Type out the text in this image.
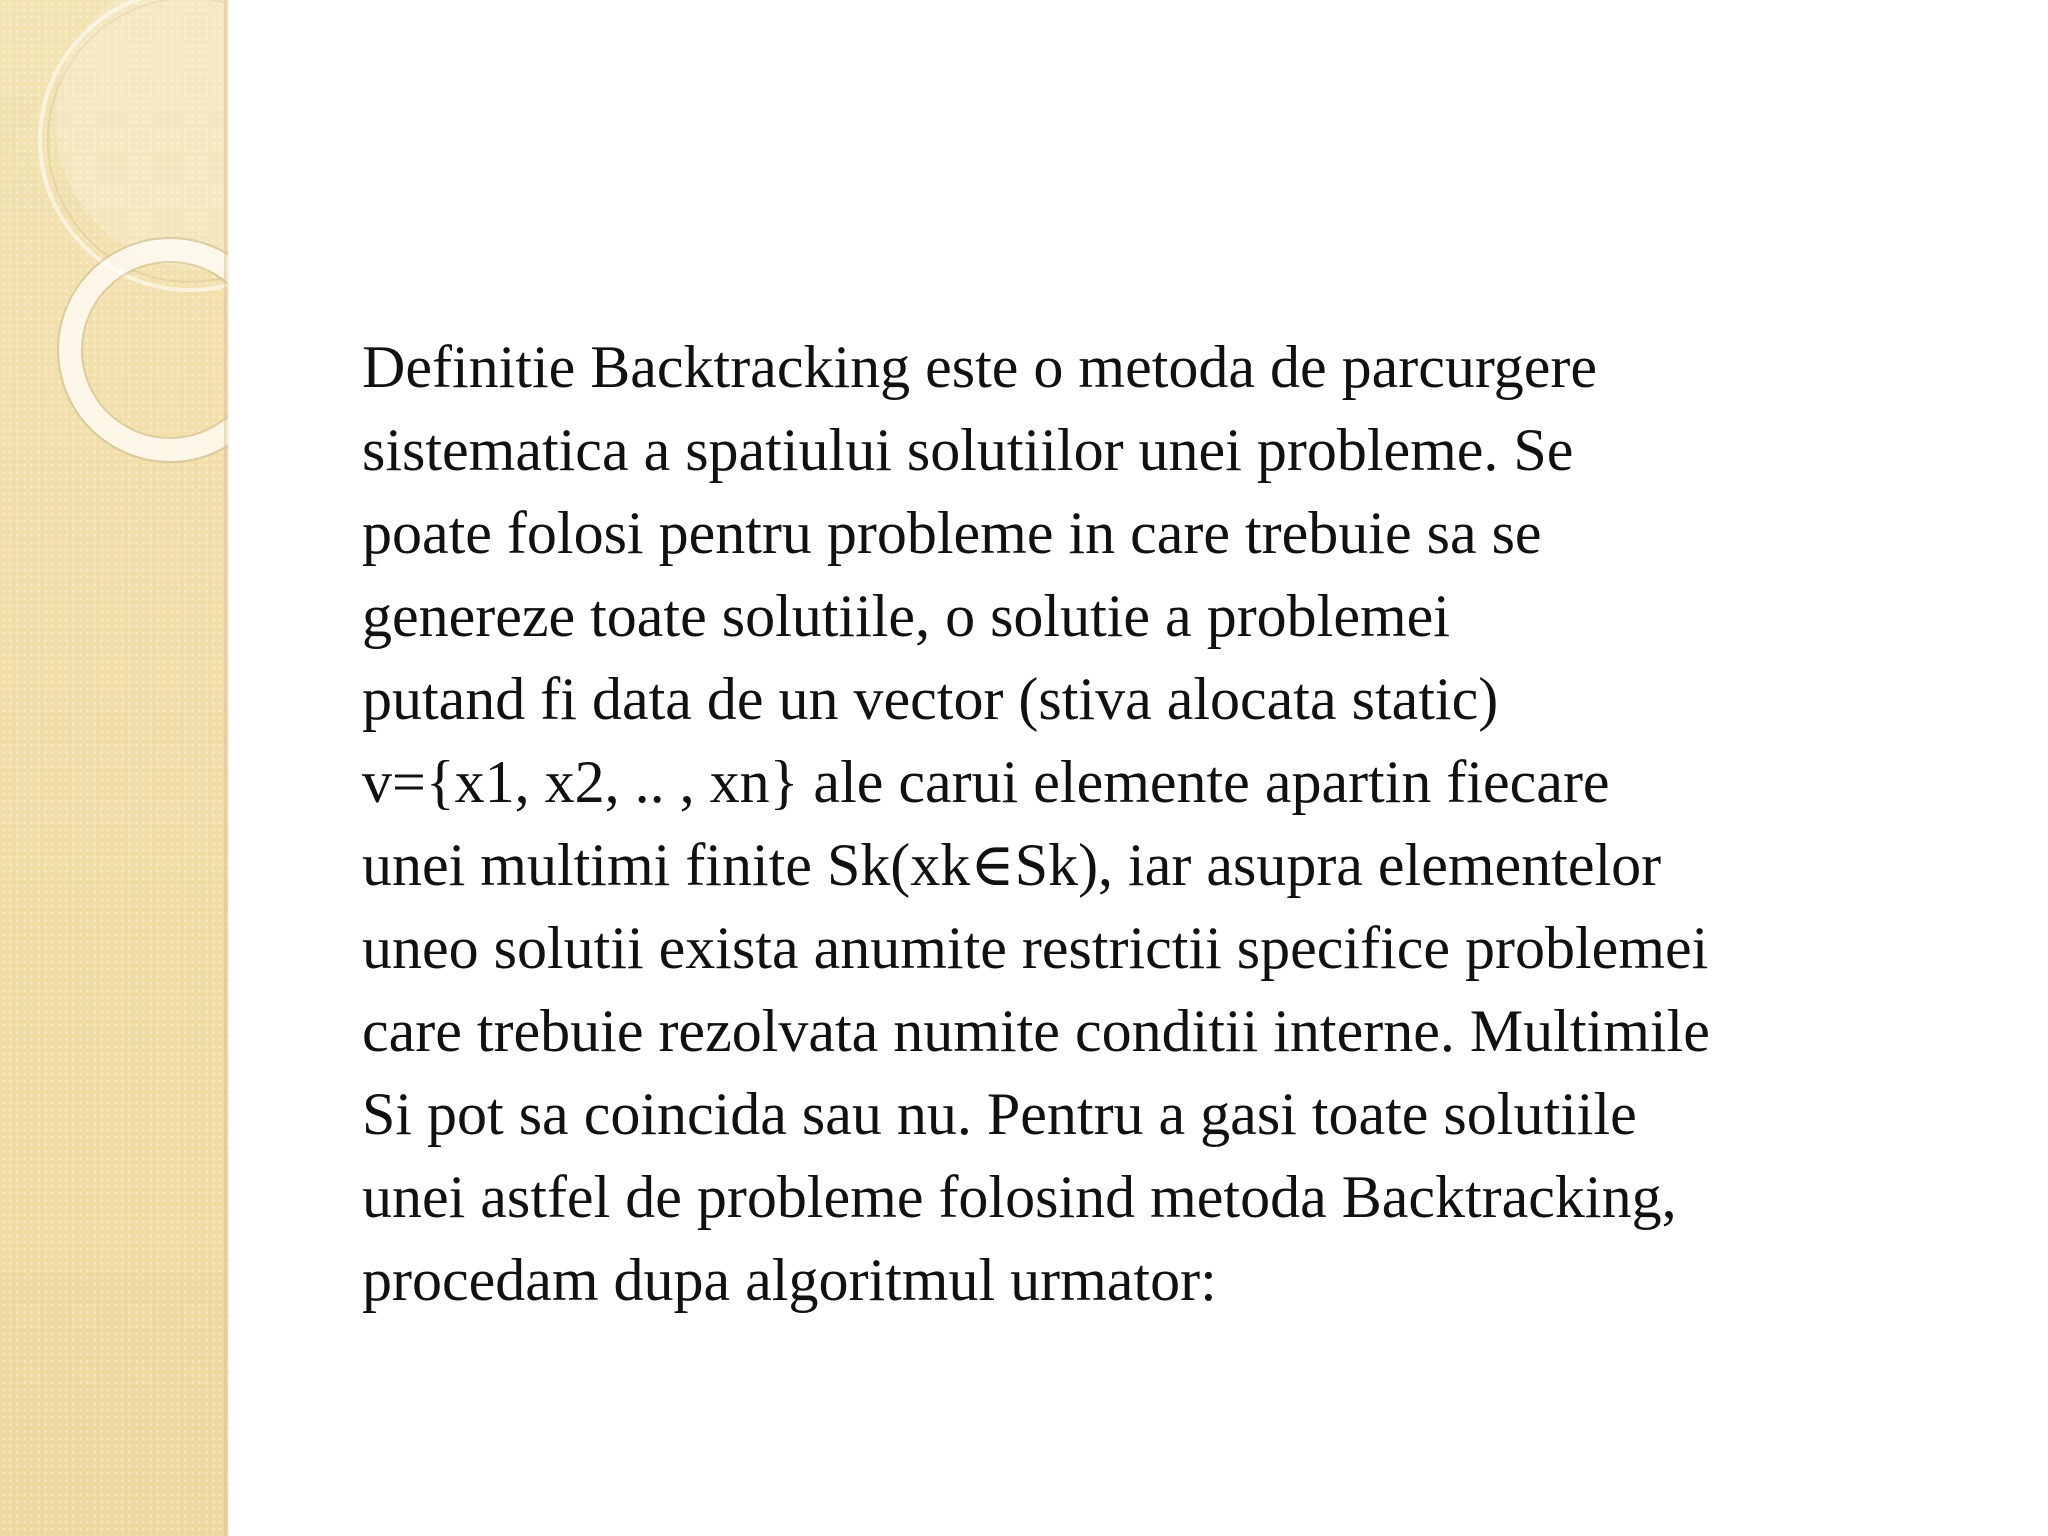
Definitie Backtracking este o metoda de parcurgere
sistematica a spatiului solutiilor unei probleme. Se
poate folosi pentru probleme in care trebuie sa se
genereze toate solutiile, o solutie a problemei
putand fi data de un vector (stiva alocata static)
v={x1, x2, .. , xn} ale carui elemente apartin fiecare
unei multimi finite Sk(xk∈Sk), iar asupra elementelor
uneo solutii exista anumite restrictii specifice problemei
care trebuie rezolvata numite conditii interne. Multimile
Si pot sa coincida sau nu. Pentru a gasi toate solutiile
unei astfel de probleme folosind metoda Backtracking,
procedam dupa algoritmul urmator:
